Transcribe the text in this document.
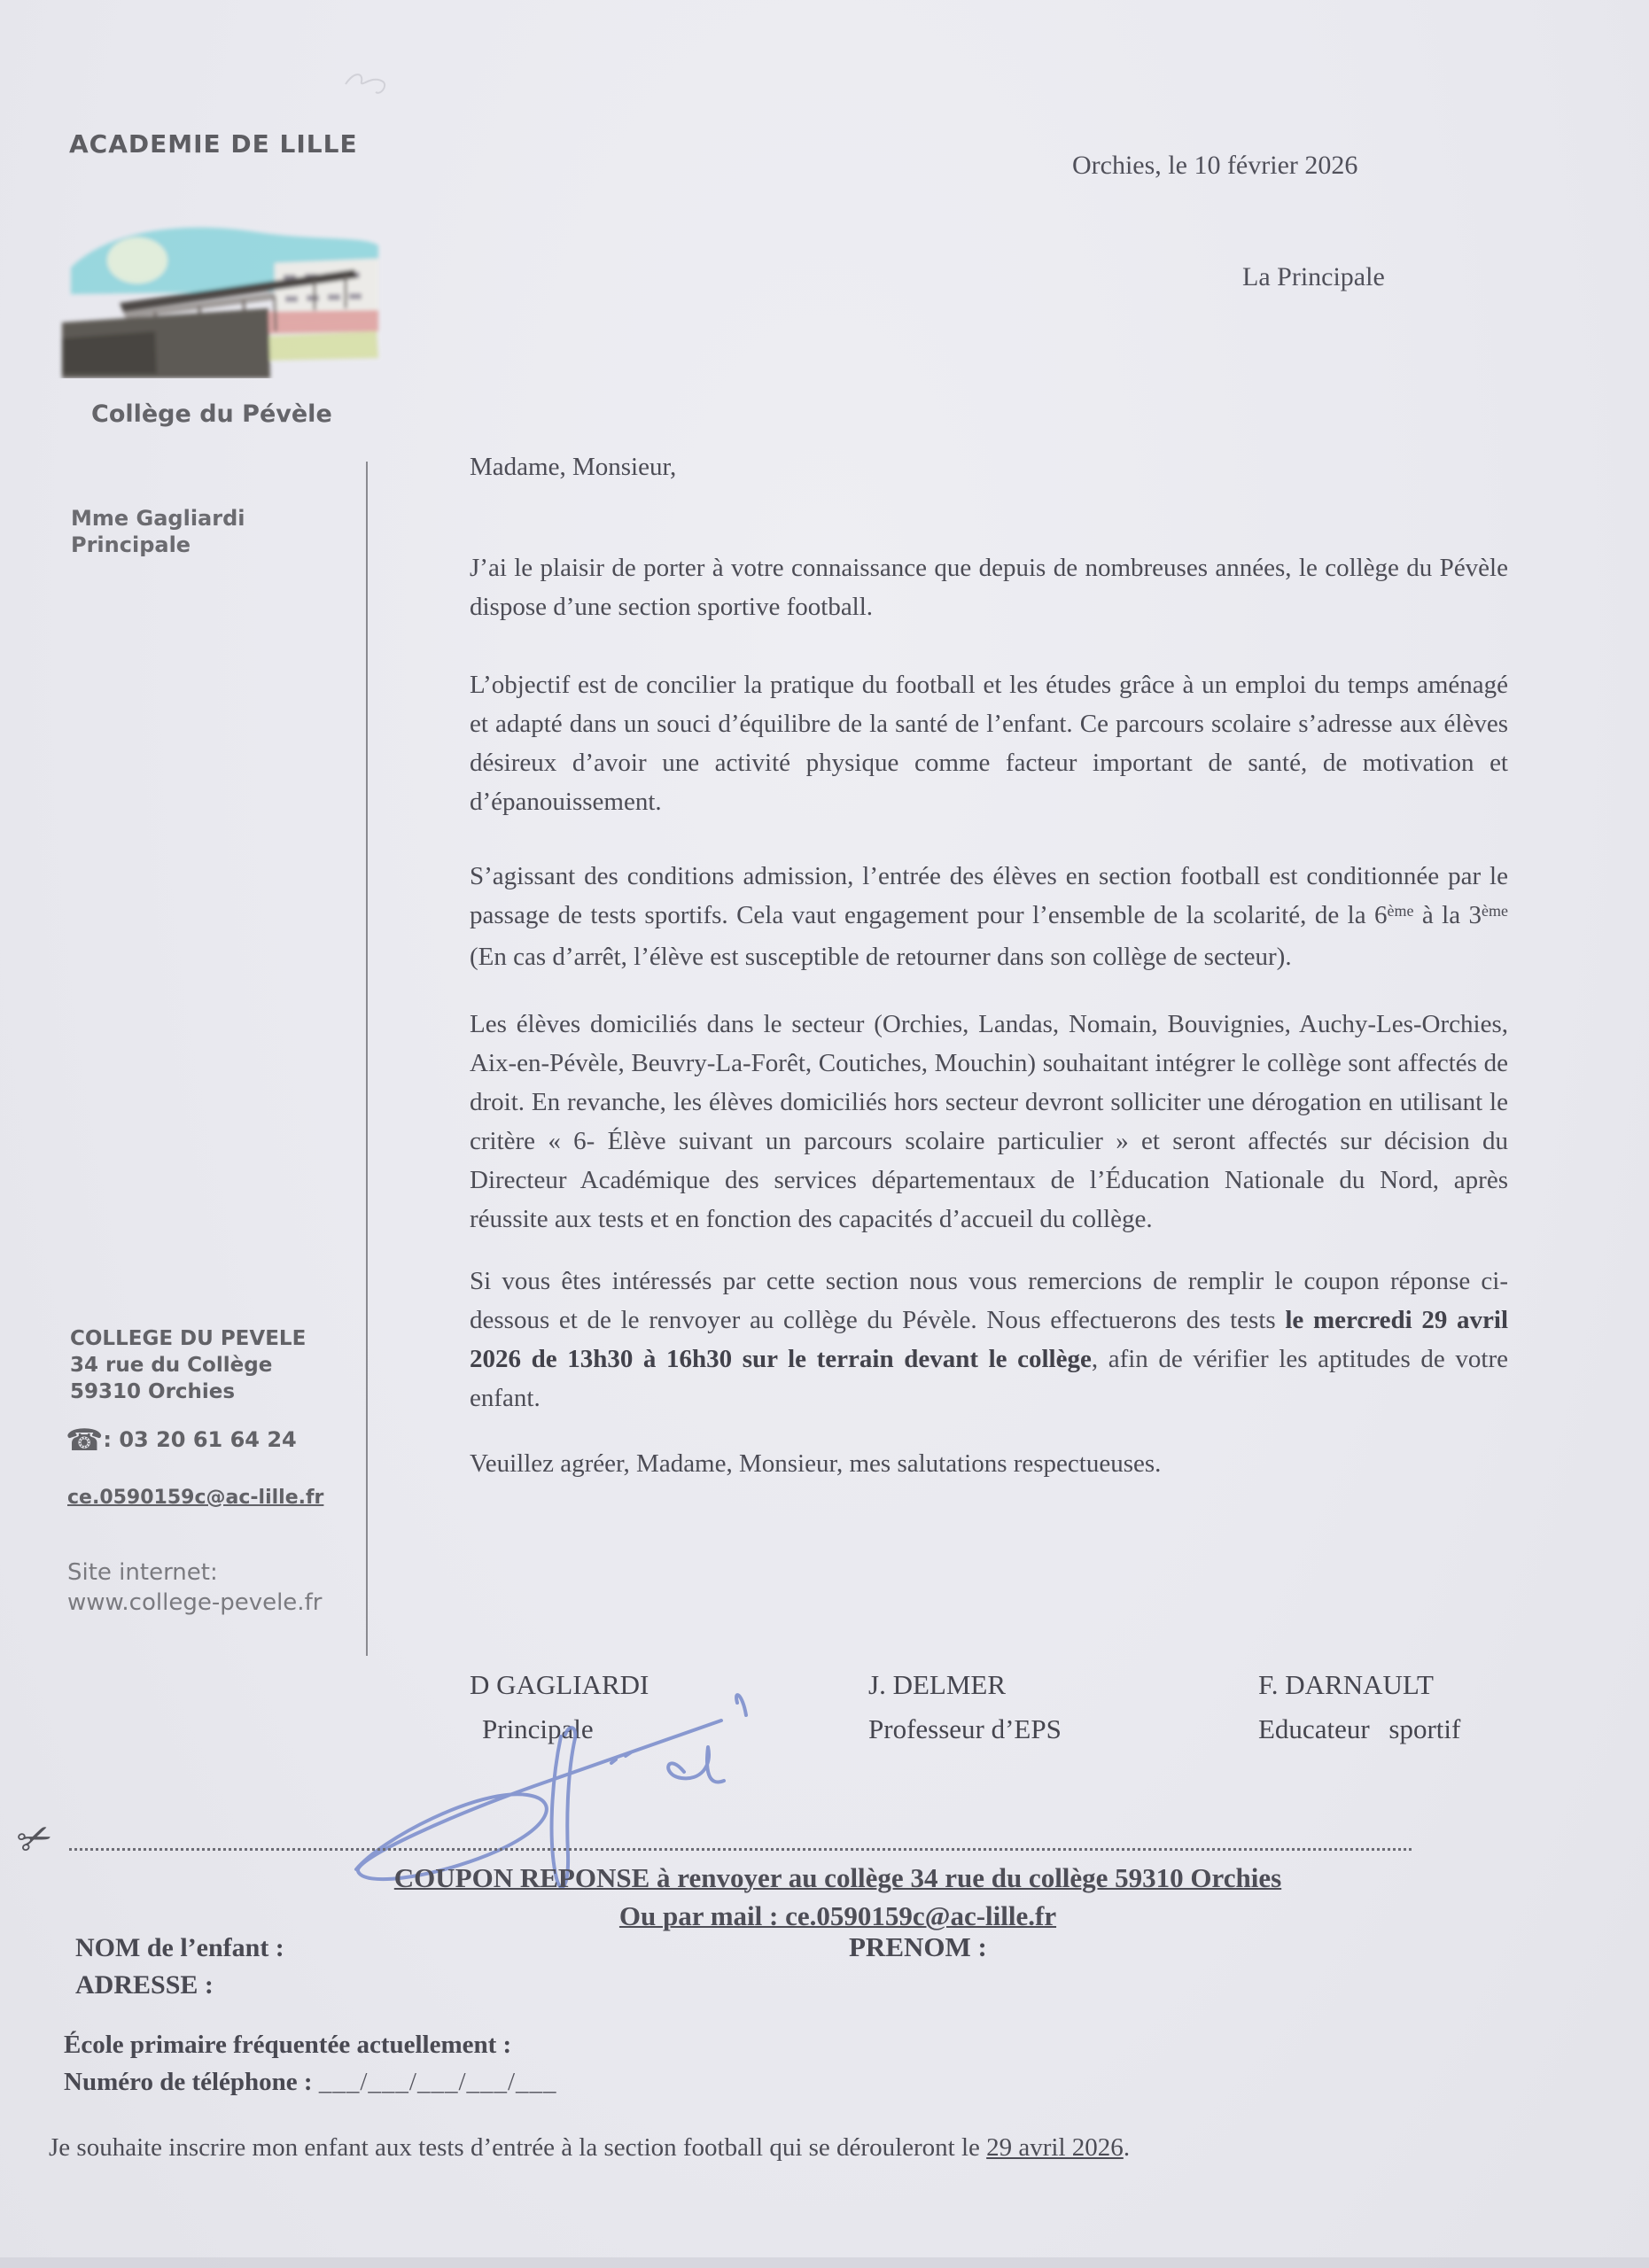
ACADEMIE DE LILLE
Collège du Pévèle
Orchies, le 10 février 2026
La Principale
Mme Gagliardi
Principale
COLLEGE DU PEVELE
34 rue du Collège
59310 Orchies
☎: 03 20 61 64 24
ce.0590159c@ac-lille.fr
Site internet:
www.college-pevele.fr

Madame, Monsieur,

J’ai le plaisir de porter à votre connaissance que depuis de nombreuses années, le collège du Pévèle dispose d’une section sportive football.

L’objectif est de concilier la pratique du football et les études grâce à un emploi du temps aménagé et adapté dans un souci d’équilibre de la santé de l’enfant. Ce parcours scolaire s’adresse aux élèves désireux d’avoir une activité physique comme facteur important de santé, de motivation et d’épanouissement.

S’agissant des conditions admission, l’entrée des élèves en section football est conditionnée par le passage de tests sportifs. Cela vaut engagement pour l’ensemble de la scolarité, de la 6ème à la 3ème (En cas d’arrêt, l’élève est susceptible de retourner dans son collège de secteur).

Les élèves domiciliés dans le secteur (Orchies, Landas, Nomain, Bouvignies, Auchy-Les-Orchies, Aix-en-Pévèle, Beuvry-La-Forêt, Coutiches, Mouchin) souhaitant intégrer le collège sont affectés de droit. En revanche, les élèves domiciliés hors secteur devront solliciter une dérogation en utilisant le critère « 6- Élève suivant un parcours scolaire particulier » et seront affectés sur décision du Directeur Académique des services départementaux de l’Éducation Nationale du Nord, après réussite aux tests et en fonction des capacités d’accueil du collège.

Si vous êtes intéressés par cette section nous vous remercions de remplir le coupon réponse ci-dessous et de le renvoyer au collège du Pévèle. Nous effectuerons des tests le mercredi 29 avril 2026 de 13h30 à 16h30 sur le terrain devant le collège, afin de vérifier les aptitudes de votre enfant.

Veuillez agréer, Madame, Monsieur, mes salutations respectueuses.

D GAGLIARDI
Principale
J. DELMER
Professeur d’EPS
F. DARNAULT
Educateur sportif
✂
COUPON REPONSE à renvoyer au collège 34 rue du collège 59310 Orchies
Ou par mail : ce.0590159c@ac-lille.fr
NOM de l’enfant :	PRENOM :
ADRESSE :
École primaire fréquentée actuellement :
Numéro de téléphone : ___/___/___/___/___
Je souhaite inscrire mon enfant aux tests d’entrée à la section football qui se dérouleront le 29 avril 2026.
